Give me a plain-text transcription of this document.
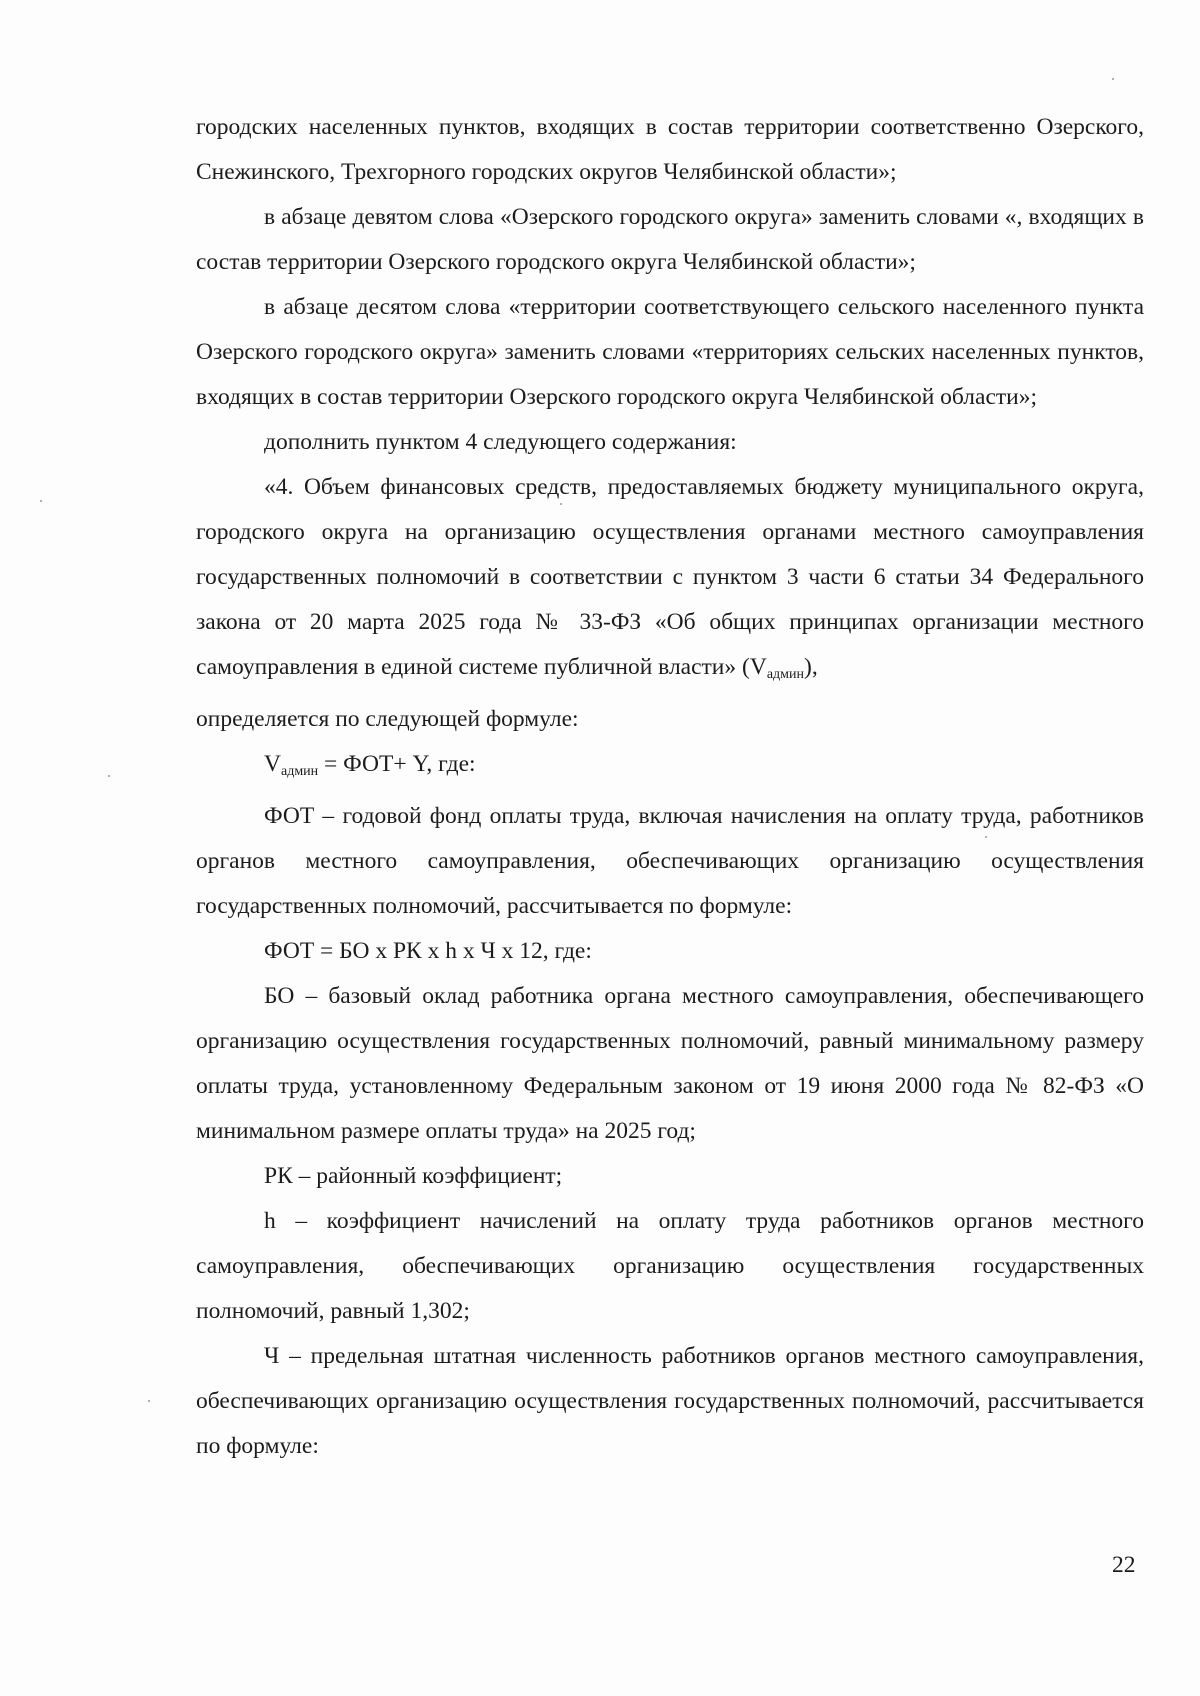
городских населенных пунктов, входящих в состав территории соответственно Озерского, Снежинского, Трехгорного городских округов Челябинской области»;

в абзаце девятом слова «Озерского городского округа» заменить словами «, входящих в состав территории Озерского городского округа Челябинской области»;

в абзаце десятом слова «территории соответствующего сельского населенного пункта Озерского городского округа» заменить словами «территориях сельских населенных пунктов, входящих в состав территории Озерского городского округа Челябинской области»;

дополнить пунктом 4 следующего содержания:

«4. Объем финансовых средств, предоставляемых бюджету муниципального округа, городского округа на организацию осуществления органами местного самоуправления государственных полномочий в соответствии с пунктом 3 части 6 статьи 34 Федерального закона от 20 марта 2025 года № 33-ФЗ «Об общих принципах организации местного самоуправления в единой системе публичной власти» $(V_{админ})$,

определяется по следующей формуле:

$V_{админ} = ФОТ+ Y$, где:

ФОТ – годовой фонд оплаты труда, включая начисления на оплату труда, работников органов местного самоуправления, обеспечивающих организацию осуществления государственных полномочий, рассчитывается по формуле:

ФОТ = БО х РК х h х Ч х 12, где:

БО – базовый оклад работника органа местного самоуправления, обеспечивающего организацию осуществления государственных полномочий, равный минимальному размеру оплаты труда, установленному Федеральным законом от 19 июня 2000 года № 82-ФЗ «О минимальном размере оплаты труда» на 2025 год;

РК – районный коэффициент;

h – коэффициент начислений на оплату труда работников органов местного самоуправления, обеспечивающих организацию осуществления государственных полномочий, равный 1,302;

Ч – предельная штатная численность работников органов местного самоуправления, обеспечивающих организацию осуществления государственных полномочий, рассчитывается по формуле:

22
